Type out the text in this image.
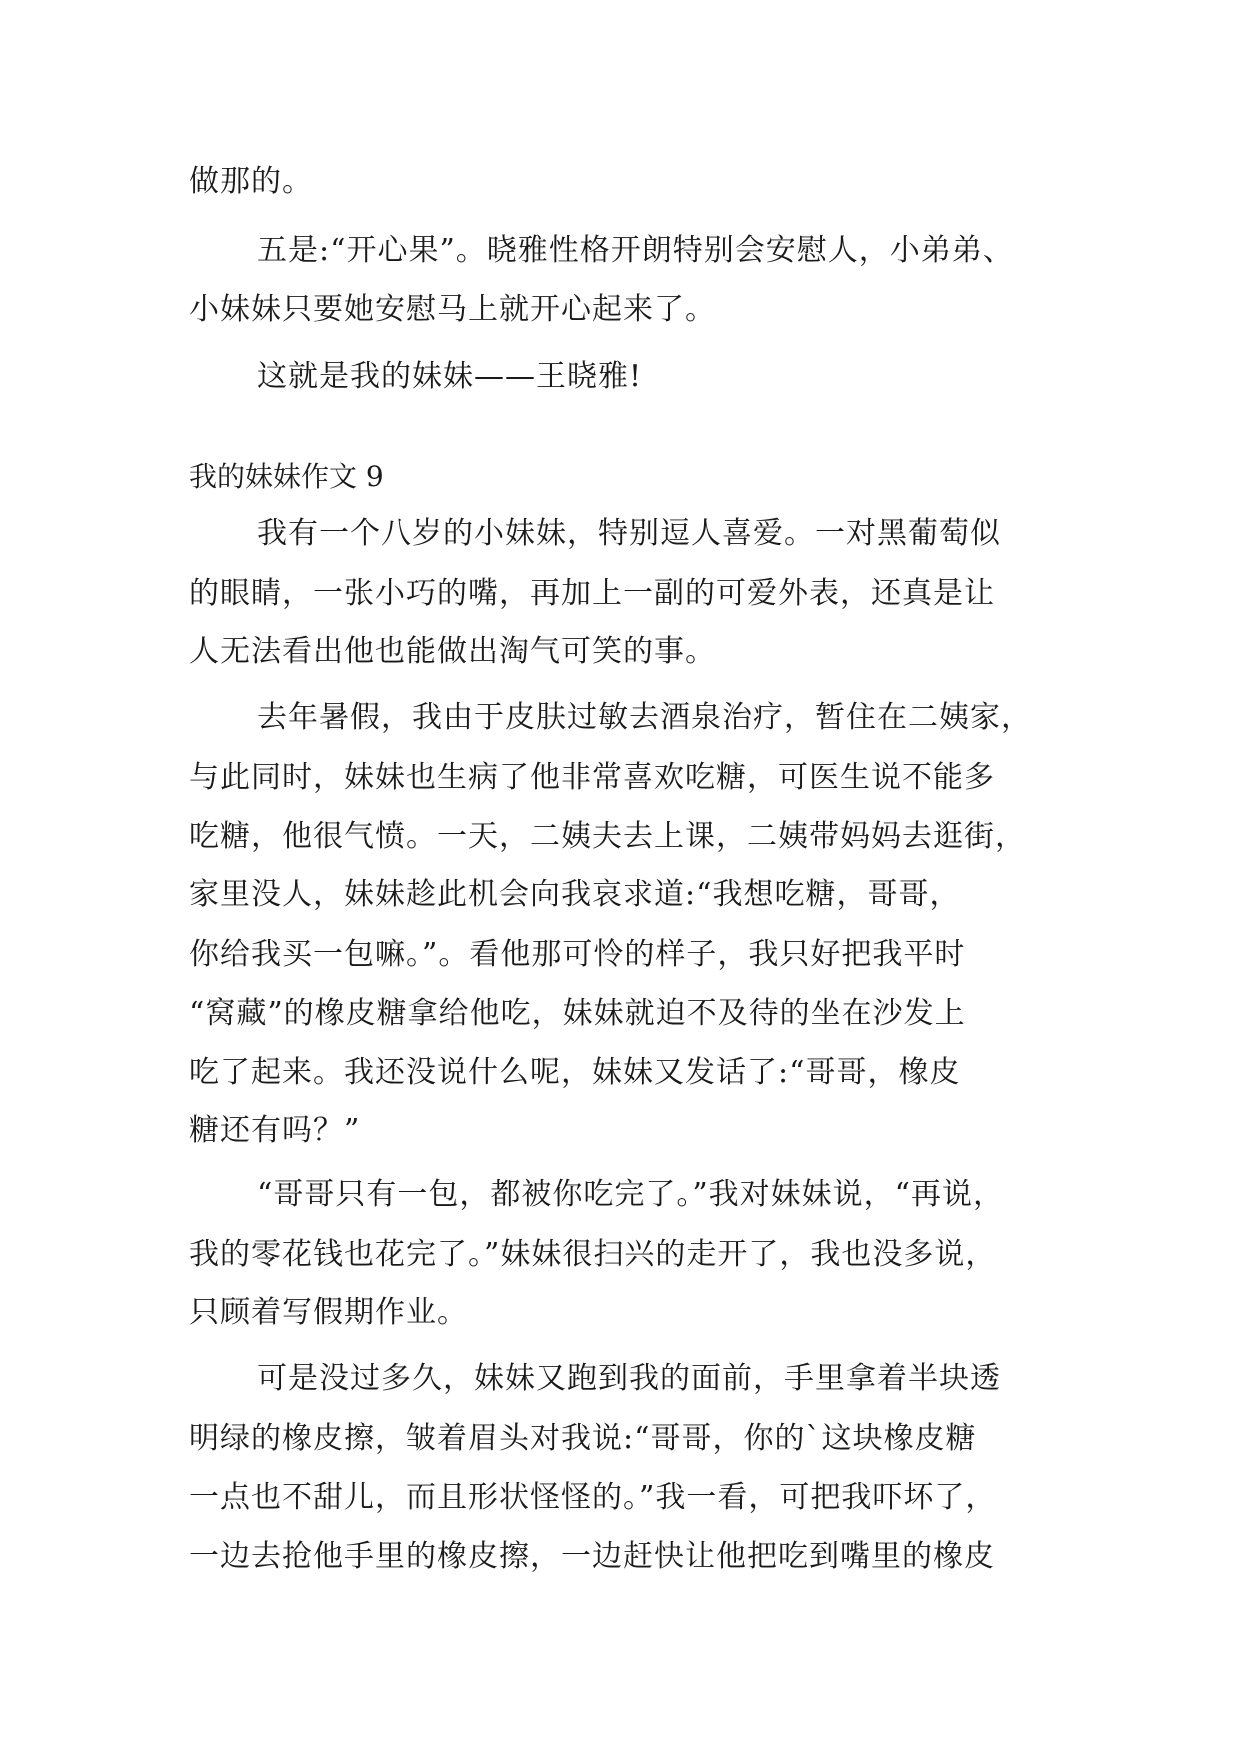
做那的。
五是:“开心果”。晓雅性格开朗特别会安慰人，小弟弟、
小妹妹只要她安慰马上就开心起来了。
这就是我的妹妹——王晓雅!
我的妹妹作文 9
我有一个八岁的小妹妹，特别逗人喜爱。一对黑葡萄似
的眼睛，一张小巧的嘴，再加上一副的可爱外表，还真是让
人无法看出他也能做出淘气可笑的事。
去年暑假，我由于皮肤过敏去酒泉治疗，暂住在二姨家，
与此同时，妹妹也生病了他非常喜欢吃糖，可医生说不能多
吃糖，他很气愤。一天，二姨夫去上课，二姨带妈妈去逛街，
家里没人，妹妹趁此机会向我哀求道:“我想吃糖，哥哥，
你给我买一包嘛。”。看他那可怜的样子，我只好把我平时
“窝藏”的橡皮糖拿给他吃，妹妹就迫不及待的坐在沙发上
吃了起来。我还没说什么呢，妹妹又发话了:“哥哥，橡皮
糖还有吗？”
“哥哥只有一包，都被你吃完了。”我对妹妹说，“再说，
我的零花钱也花完了。”妹妹很扫兴的走开了，我也没多说，
只顾着写假期作业。
可是没过多久，妹妹又跑到我的面前，手里拿着半块透
明绿的橡皮擦，皱着眉头对我说:“哥哥，你的`这块橡皮糖
一点也不甜儿，而且形状怪怪的。”我一看，可把我吓坏了，
一边去抢他手里的橡皮擦，一边赶快让他把吃到嘴里的橡皮
